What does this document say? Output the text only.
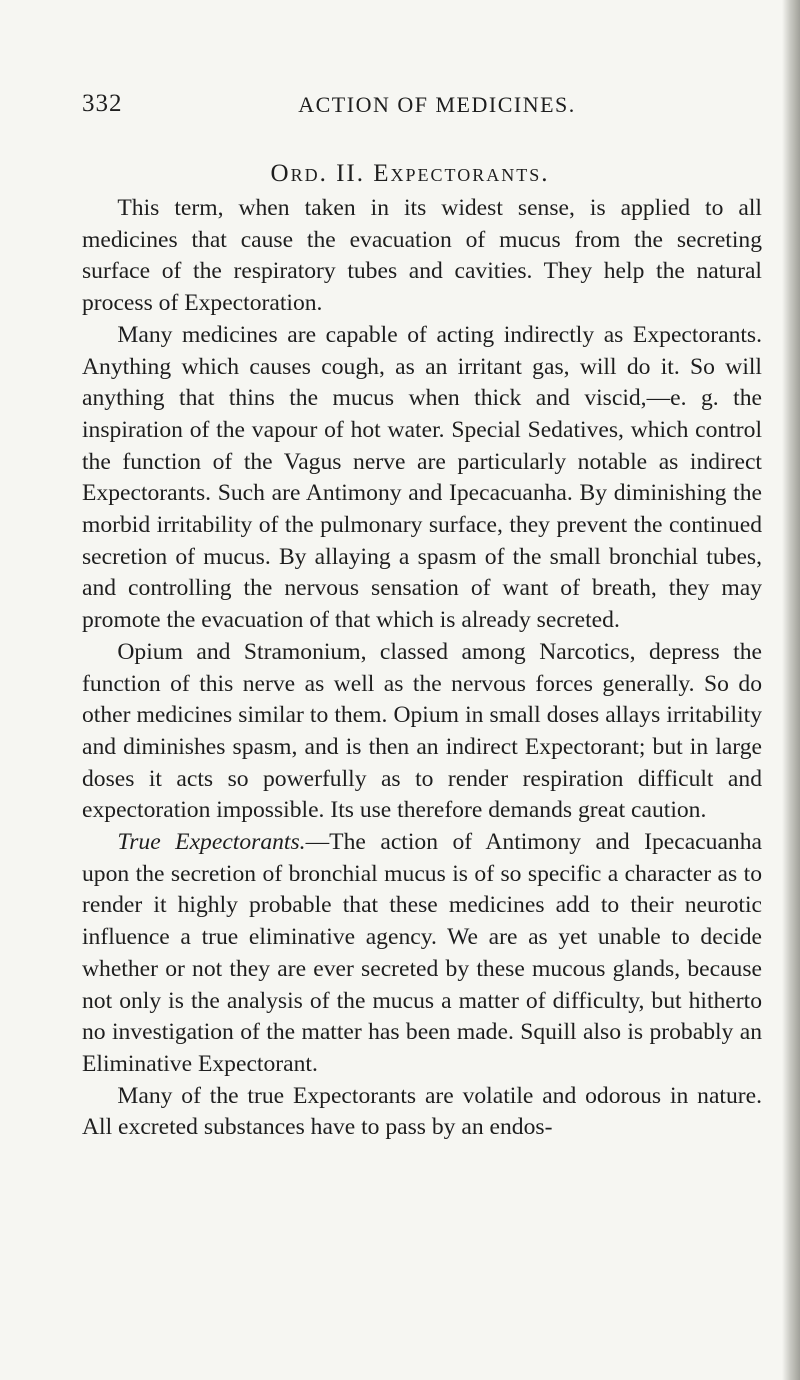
332	ACTION OF MEDICINES.
Ord. II. Expectorants.

This term, when taken in its widest sense, is applied to all medicines that cause the evacuation of mucus from the secreting surface of the respiratory tubes and cavities. They help the natural process of Expectoration.

Many medicines are capable of acting indirectly as Expectorants. Anything which causes cough, as an irritant gas, will do it. So will anything that thins the mucus when thick and viscid,—e. g. the inspiration of the vapour of hot water. Special Sedatives, which control the function of the Vagus nerve are particularly notable as indirect Expectorants. Such are Antimony and Ipecacuanha. By diminishing the morbid irritability of the pulmonary surface, they prevent the continued secretion of mucus. By allaying a spasm of the small bronchial tubes, and controlling the nervous sensation of want of breath, they may promote the evacuation of that which is already secreted.

Opium and Stramonium, classed among Narcotics, depress the function of this nerve as well as the nervous forces generally. So do other medicines similar to them. Opium in small doses allays irritability and diminishes spasm, and is then an indirect Expectorant; but in large doses it acts so powerfully as to render respiration difficult and expectoration impossible. Its use therefore demands great caution.

True Expectorants.—The action of Antimony and Ipecacuanha upon the secretion of bronchial mucus is of so specific a character as to render it highly probable that these medicines add to their neurotic influence a true eliminative agency. We are as yet unable to decide whether or not they are ever secreted by these mucous glands, because not only is the analysis of the mucus a matter of difficulty, but hitherto no investigation of the matter has been made. Squill also is probably an Eliminative Expectorant.

Many of the true Expectorants are volatile and odorous in nature. All excreted substances have to pass by an endos-
